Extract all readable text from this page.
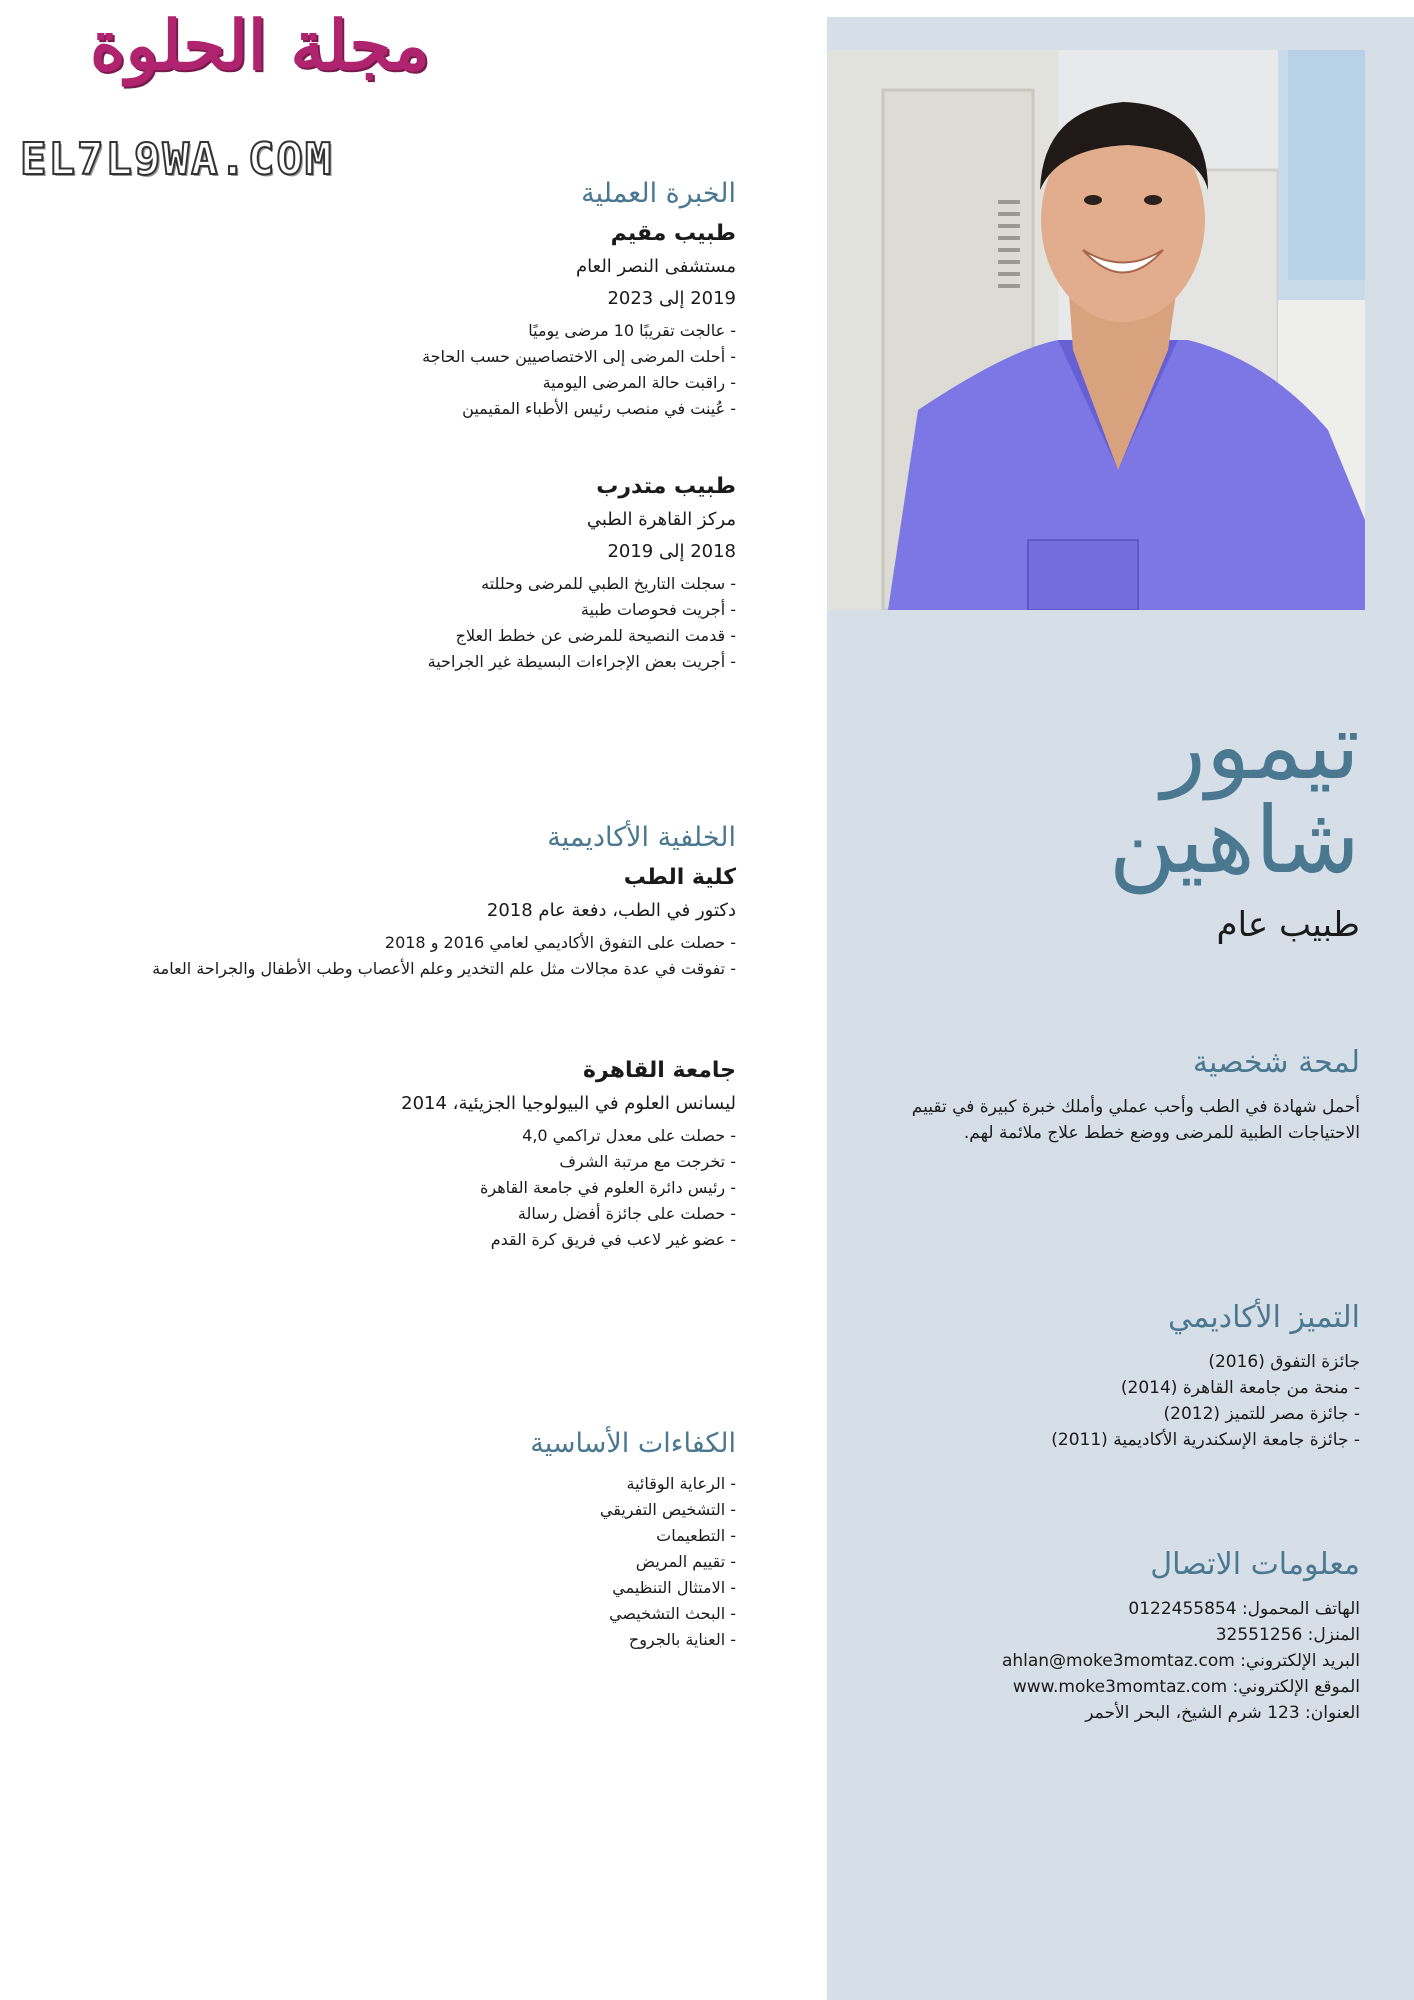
تيمور
شاهين
طبيب عام
لمحة شخصية

أحمل شهادة في الطب وأحب عملي وأملك خبرة كبيرة في تقييم الاحتياجات الطبية للمرضى ووضع خطط علاج ملائمة لهم.

التميز الأكاديمي
جائزة التفوق (2016)
- منحة من جامعة القاهرة (2014)
- جائزة مصر للتميز (2012)
- جائزة جامعة الإسكندرية الأكاديمية (2011)
معلومات الاتصال
الهاتف المحمول: 0122455854
المنزل: 32551256
البريد الإلكتروني: ahlan@moke3momtaz.com
الموقع الإلكتروني: www.moke3momtaz.com
العنوان: 123 شرم الشيخ، البحر الأحمر
مجلة الحلوة
EL7L9WA.COM
الخبرة العملية
طبيب مقيم
مستشفى النصر العام
2019 إلى 2023
- عالجت تقريبًا 10 مرضى يوميًا
- أحلت المرضى إلى الاختصاصيين حسب الحاجة
- راقبت حالة المرضى اليومية
- عُينت في منصب رئيس الأطباء المقيمين
طبيب متدرب
مركز القاهرة الطبي
2018 إلى 2019
- سجلت التاريخ الطبي للمرضى وحللته
- أجريت فحوصات طبية
- قدمت النصيحة للمرضى عن خطط العلاج
- أجريت بعض الإجراءات البسيطة غير الجراحية
الخلفية الأكاديمية
كلية الطب
دكتور في الطب، دفعة عام 2018
- حصلت على التفوق الأكاديمي لعامي 2016 و 2018
- تفوقت في عدة مجالات مثل علم التخدير وعلم الأعصاب وطب الأطفال والجراحة العامة
جامعة القاهرة
ليسانس العلوم في البيولوجيا الجزيئية، 2014
- حصلت على معدل تراكمي 4,0
- تخرجت مع مرتبة الشرف
- رئيس دائرة العلوم في جامعة القاهرة
- حصلت على جائزة أفضل رسالة
- عضو غير لاعب في فريق كرة القدم
الكفاءات الأساسية
- الرعاية الوقائية
- التشخيص التفريقي
- التطعيمات
- تقييم المريض
- الامتثال التنظيمي
- البحث التشخيصي
- العناية بالجروح
